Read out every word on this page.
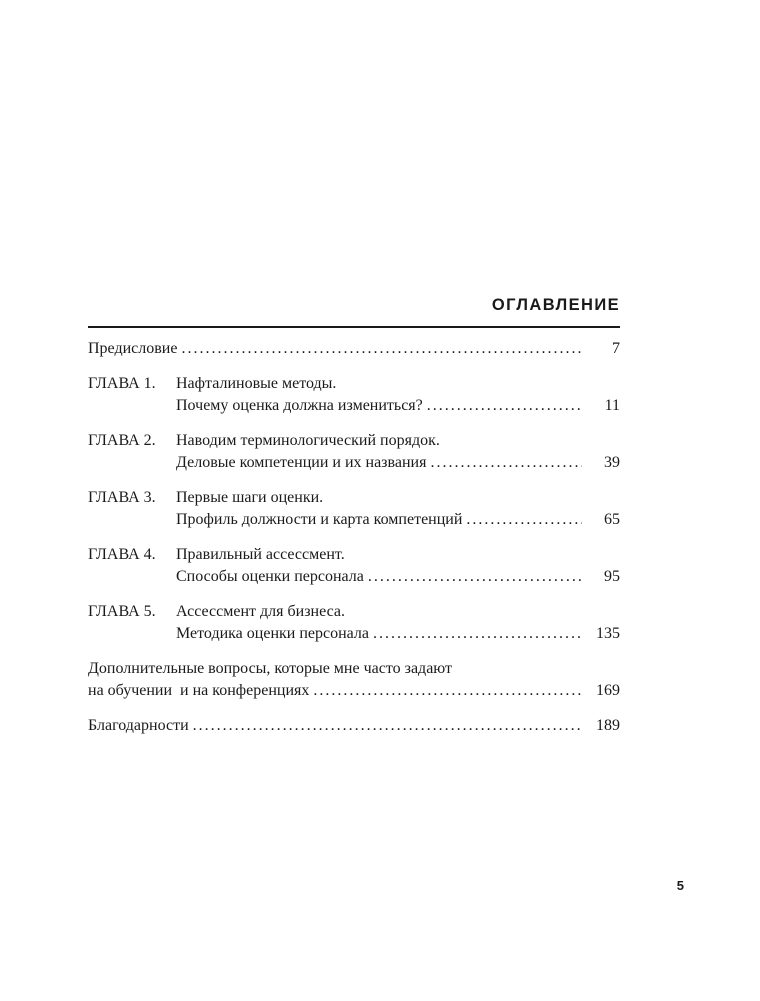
ОГЛАВЛЕНИЕ
Предисловие . . .	7
ГЛАВА 1.	Нафталиновые методы.
Почему оценка должна измениться? . . .	11
ГЛАВА 2.	Наводим терминологический порядок.
Деловые компетенции и их названия . . .	39
ГЛАВА 3.	Первые шаги оценки.
Профиль должности и карта компетенций . . .	65
ГЛАВА 4.	Правильный ассессмент.
Способы оценки персонала . . .	95
ГЛАВА 5.	Ассессмент для бизнеса.
Методика оценки персонала . . .	135
Дополнительные вопросы, которые мне часто задают
на обучении  и на конференциях . . .	169
Благодарности . . .	189
5
